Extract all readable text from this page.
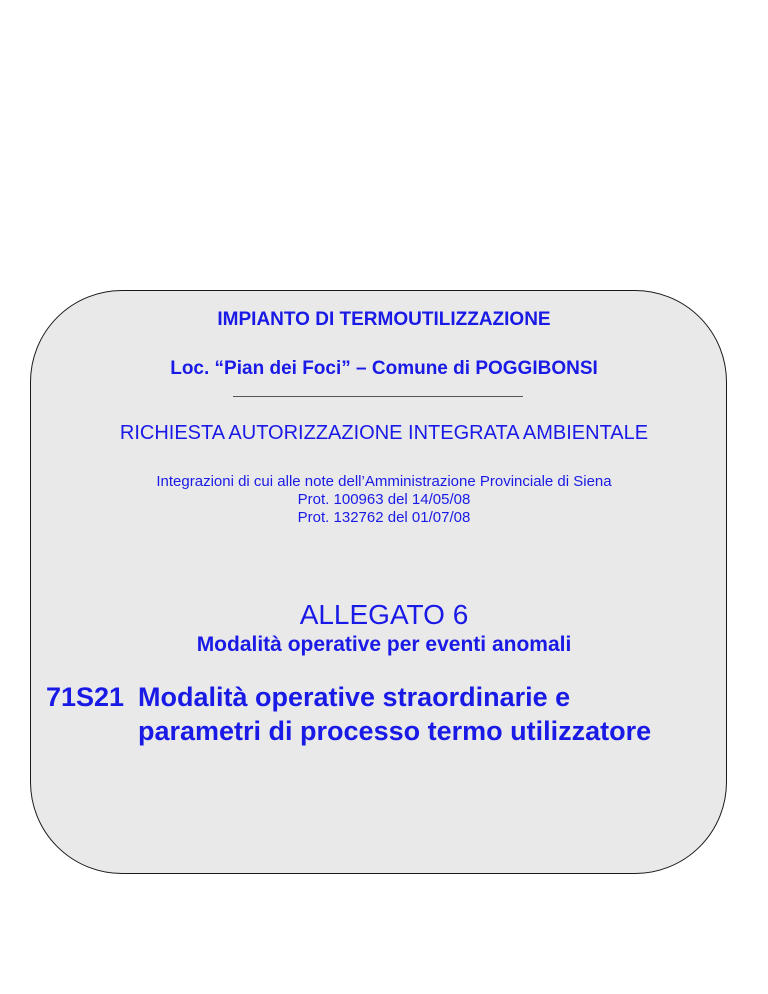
IMPIANTO DI TERMOUTILIZZAZIONE
Loc. “Pian dei Foci” – Comune di POGGIBONSI
RICHIESTA AUTORIZZAZIONE INTEGRATA AMBIENTALE
Integrazioni di cui alle note dell’Amministrazione Provinciale di Siena
Prot. 100963 del 14/05/08
Prot. 132762 del 01/07/08
ALLEGATO 6
Modalità operative per eventi anomali
71S21 Modalità operative straordinarie e
parametri di processo termo utilizzatore
